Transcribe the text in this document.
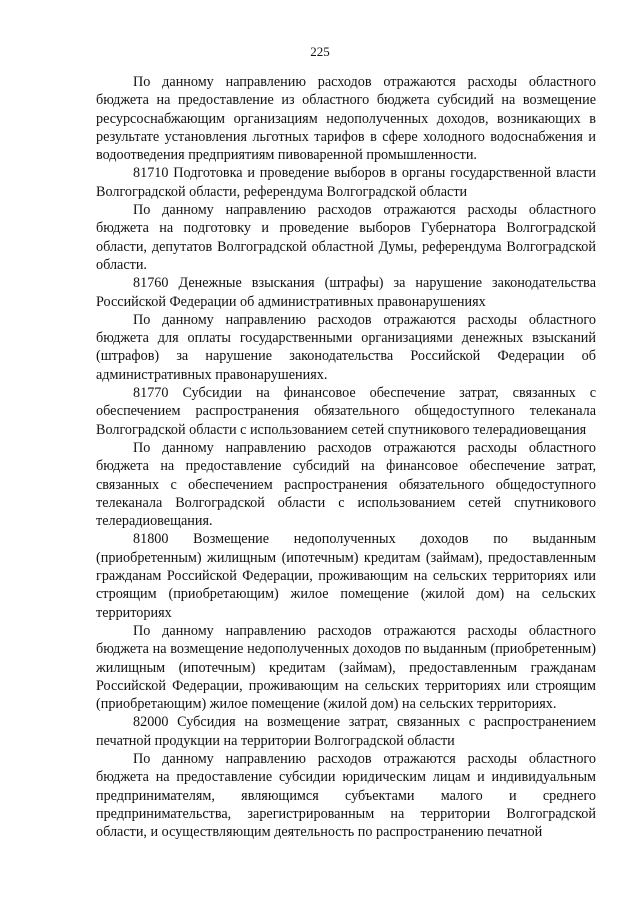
225

По данному направлению расходов отражаются расходы областного бюджета на предоставление из областного бюджета субсидий на возмещение ресурсоснабжающим организациям недополученных доходов, возникающих в результате установления льготных тарифов в сфере холодного водоснабжения и водоотведения предприятиям пивоваренной промышленности.

81710 Подготовка и проведение выборов в органы государственной власти Волгоградской области, референдума Волгоградской области

По данному направлению расходов отражаются расходы областного бюджета на подготовку и проведение выборов Губернатора Волгоградской области, депутатов Волгоградской областной Думы, референдума Волгоградской области.

81760 Денежные взыскания (штрафы) за нарушение законодательства Российской Федерации об административных правонарушениях

По данному направлению расходов отражаются расходы областного бюджета для оплаты государственными организациями денежных взысканий (штрафов) за нарушение законодательства Российской Федерации об административных правонарушениях.

81770 Субсидии на финансовое обеспечение затрат, связанных с обеспечением распространения обязательного общедоступного телеканала Волгоградской области с использованием сетей спутникового телерадиовещания

По данному направлению расходов отражаются расходы областного бюджета на предоставление субсидий на финансовое обеспечение затрат, связанных с обеспечением распространения обязательного общедоступного телеканала Волгоградской области с использованием сетей спутникового телерадиовещания.

81800 Возмещение недополученных доходов по выданным (приобретенным) жилищным (ипотечным) кредитам (займам), предоставленным гражданам Российской Федерации, проживающим на сельских территориях или строящим (приобретающим) жилое помещение (жилой дом) на сельских территориях

По данному направлению расходов отражаются расходы областного бюджета на возмещение недополученных доходов по выданным (приобретенным) жилищным (ипотечным) кредитам (займам), предоставленным гражданам Российской Федерации, проживающим на сельских территориях или строящим (приобретающим) жилое помещение (жилой дом) на сельских территориях.

82000 Субсидия на возмещение затрат, связанных с распространением печатной продукции на территории Волгоградской области

По данному направлению расходов отражаются расходы областного бюджета на предоставление субсидии юридическим лицам и индивидуальным предпринимателям, являющимся субъектами малого и среднего предпринимательства, зарегистрированным на территории Волгоградской области, и осуществляющим деятельность по распространению печатной
